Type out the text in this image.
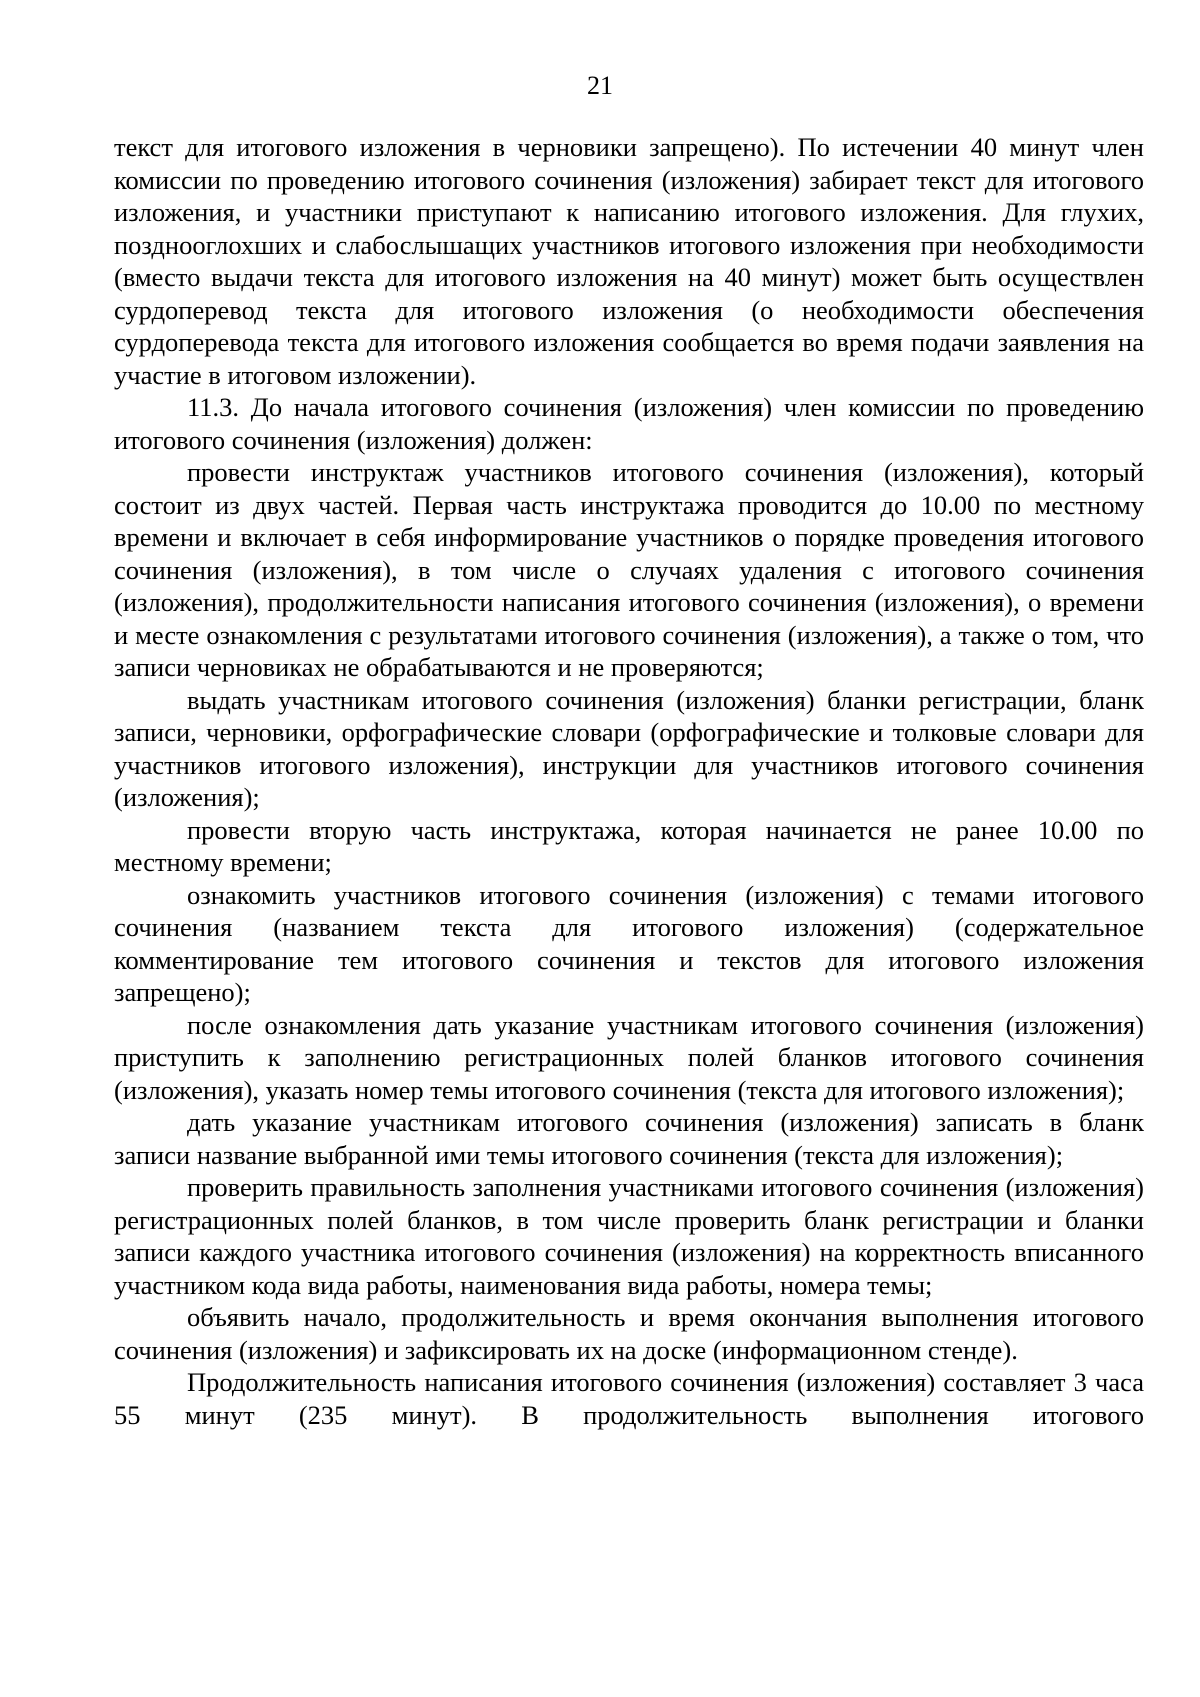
21

текст для итогового изложения в черновики запрещено). По истечении 40 минут член комиссии по проведению итогового сочинения (изложения) забирает текст для итогового изложения, и участники приступают к написанию итогового изложения. Для глухих, позднооглохших и слабослышащих участников итогового изложения при необходимости (вместо выдачи текста для итогового изложения на 40 минут) может быть осуществлен сурдоперевод текста для итогового изложения (о необходимости обеспечения сурдоперевода текста для итогового изложения сообщается во время подачи заявления на участие в итоговом изложении).

11.3. До начала итогового сочинения (изложения) член комиссии по проведению итогового сочинения (изложения) должен:

провести инструктаж участников итогового сочинения (изложения), который состоит из двух частей. Первая часть инструктажа проводится до 10.00 по местному времени и включает в себя информирование участников о порядке проведения итогового сочинения (изложения), в том числе о случаях удаления с итогового сочинения (изложения), продолжительности написания итогового сочинения (изложения), о времени и месте ознакомления с результатами итогового сочинения (изложения), а также о том, что записи черновиках не обрабатываются и не проверяются;

выдать участникам итогового сочинения (изложения) бланки регистрации, бланк записи, черновики, орфографические словари (орфографические и толковые словари для участников итогового изложения), инструкции для участников итогового сочинения (изложения);

провести вторую часть инструктажа, которая начинается не ранее 10.00 по местному времени;

ознакомить участников итогового сочинения (изложения) с темами итогового сочинения (названием текста для итогового изложения) (содержательное комментирование тем итогового сочинения и текстов для итогового изложения запрещено);

после ознакомления дать указание участникам итогового сочинения (изложения) приступить к заполнению регистрационных полей бланков итогового сочинения (изложения), указать номер темы итогового сочинения (текста для итогового изложения);

дать указание участникам итогового сочинения (изложения) записать в бланк записи название выбранной ими темы итогового сочинения (текста для изложения);

проверить правильность заполнения участниками итогового сочинения (изложения) регистрационных полей бланков, в том числе проверить бланк регистрации и бланки записи каждого участника итогового сочинения (изложения) на корректность вписанного участником кода вида работы, наименования вида работы, номера темы;

объявить начало, продолжительность и время окончания выполнения итогового сочинения (изложения) и зафиксировать их на доске (информационном стенде).

Продолжительность написания итогового сочинения (изложения) составляет 3 часа 55 минут (235 минут). В продолжительность выполнения итогового
